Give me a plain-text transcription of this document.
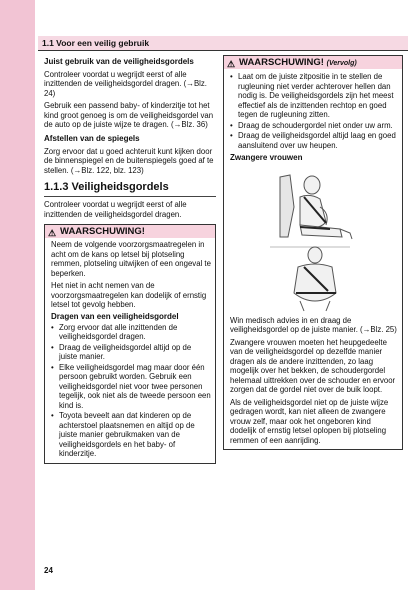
1.1 Voor een veilig gebruik
Juist gebruik van de veiligheidsgordels

Controleer voordat u wegrijdt eerst of alle inzittenden de veiligheidsgordel dragen. (→Blz. 24)

Gebruik een passend baby- of kinderzitje tot het kind groot genoeg is om de veiligheidsgordel van de auto op de juiste wijze te dragen. (→Blz. 36)

Afstellen van de spiegels

Zorg ervoor dat u goed achteruit kunt kijken door de binnenspiegel en de buitenspiegels goed af te stellen. (→Blz. 122, blz. 123)

1.1.3 Veiligheidsgordels

Controleer voordat u wegrijdt eerst of alle inzittenden de veiligheidsgordel dragen.

⚠ WAARSCHUWING!

Neem de volgende voorzorgsmaatregelen in acht om de kans op letsel bij plotseling remmen, plotseling uitwijken of een ongeval te beperken.

Het niet in acht nemen van de voorzorgsmaatregelen kan dodelijk of ernstig letsel tot gevolg hebben.

Dragen van een veiligheidsgordel
• Zorg ervoor dat alle inzittenden de veiligheidsgordel dragen.
• Draag de veiligheidsgordel altijd op de juiste manier.
• Elke veiligheidsgordel mag maar door één persoon gebruikt worden. Gebruik een veiligheidsgordel niet voor twee personen tegelijk, ook niet als de tweede persoon een kind is.
• Toyota beveelt aan dat kinderen op de achterstoel plaatsnemen en altijd op de juiste manier gebruikmaken van de veiligheidsgordels en het baby- of kinderzitje.
⚠ WAARSCHUWING! (Vervolg)
• Laat om de juiste zitpositie in te stellen de rugleuning niet verder achterover hellen dan nodig is. De veiligheidsgordels zijn het meest effectief als de inzittenden rechtop en goed tegen de rugleuning zitten.
• Draag de schoudergordel niet onder uw arm.
• Draag de veiligheidsgordel altijd laag en goed aansluitend over uw heupen.
Zwangere vrouwen

Win medisch advies in en draag de veiligheidsgordel op de juiste manier. (→Blz. 25)

Zwangere vrouwen moeten het heupgedeelte van de veiligheidsgordel op dezelfde manier dragen als de andere inzittenden, zo laag mogelijk over het bekken, de schoudergordel helemaal uittrekken over de schouder en ervoor zorgen dat de gordel niet over de buik loopt.

Als de veiligheidsgordel niet op de juiste wijze gedragen wordt, kan niet alleen de zwangere vrouw zelf, maar ook het ongeboren kind dodelijk of ernstig letsel oplopen bij plotseling remmen of een aanrijding.

24
